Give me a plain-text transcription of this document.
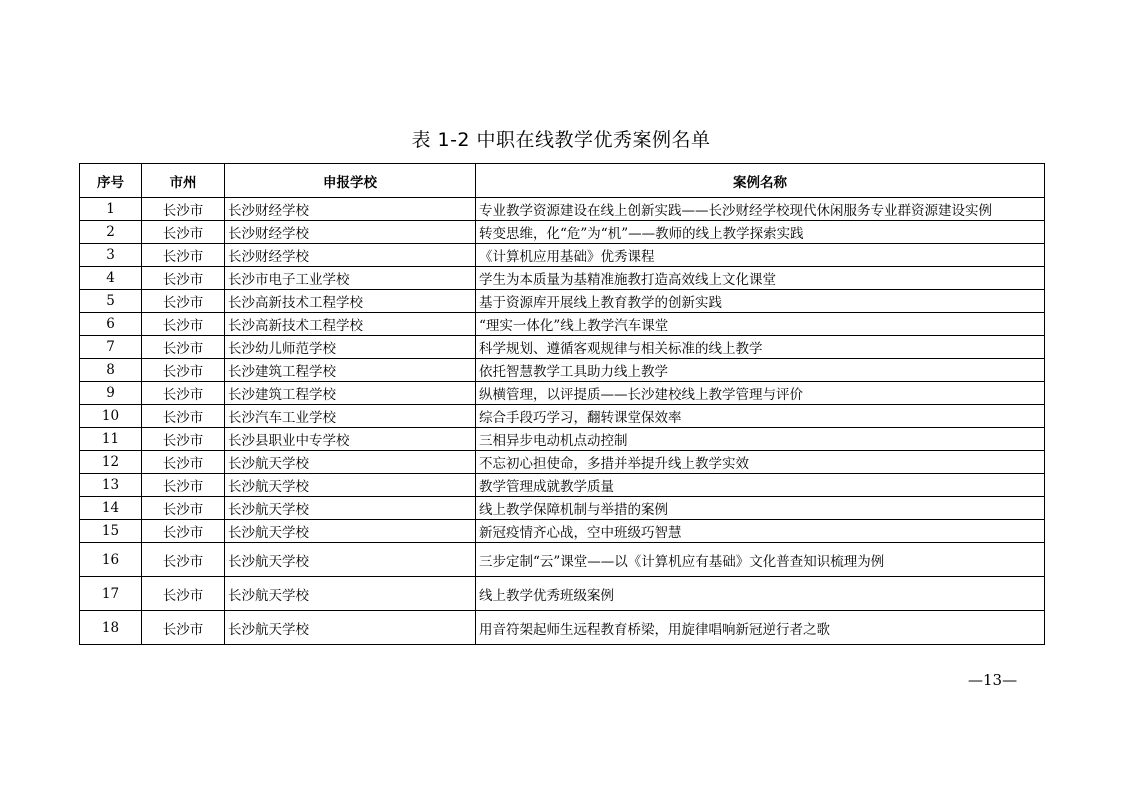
表 1-2 中职在线教学优秀案例名单
序号	市州	申报学校	案例名称
1	长沙市	长沙财经学校	专业教学资源建设在线上创新实践——长沙财经学校现代休闲服务专业群资源建设实例
2	长沙市	长沙财经学校	转变思维，化“危”为“机”——教师的线上教学探索实践
3	长沙市	长沙财经学校	《计算机应用基础》优秀课程
4	长沙市	长沙市电子工业学校	学生为本质量为基精准施教打造高效线上文化课堂
5	长沙市	长沙高新技术工程学校	基于资源库开展线上教育教学的创新实践
6	长沙市	长沙高新技术工程学校	“理实一体化”线上教学汽车课堂
7	长沙市	长沙幼儿师范学校	科学规划、遵循客观规律与相关标准的线上教学
8	长沙市	长沙建筑工程学校	依托智慧教学工具助力线上教学
9	长沙市	长沙建筑工程学校	纵横管理，以评提质——长沙建校线上教学管理与评价
10	长沙市	长沙汽车工业学校	综合手段巧学习，翻转课堂保效率
11	长沙市	长沙县职业中专学校	三相异步电动机点动控制
12	长沙市	长沙航天学校	不忘初心担使命，多措并举提升线上教学实效
13	长沙市	长沙航天学校	教学管理成就教学质量
14	长沙市	长沙航天学校	线上教学保障机制与举措的案例
15	长沙市	长沙航天学校	新冠疫情齐心战，空中班级巧智慧
16	长沙市	长沙航天学校	三步定制“云”课堂——以《计算机应有基础》文化普查知识梳理为例
17	长沙市	长沙航天学校	线上教学优秀班级案例
18	长沙市	长沙航天学校	用音符架起师生远程教育桥梁，用旋律唱响新冠逆行者之歌
—13—
